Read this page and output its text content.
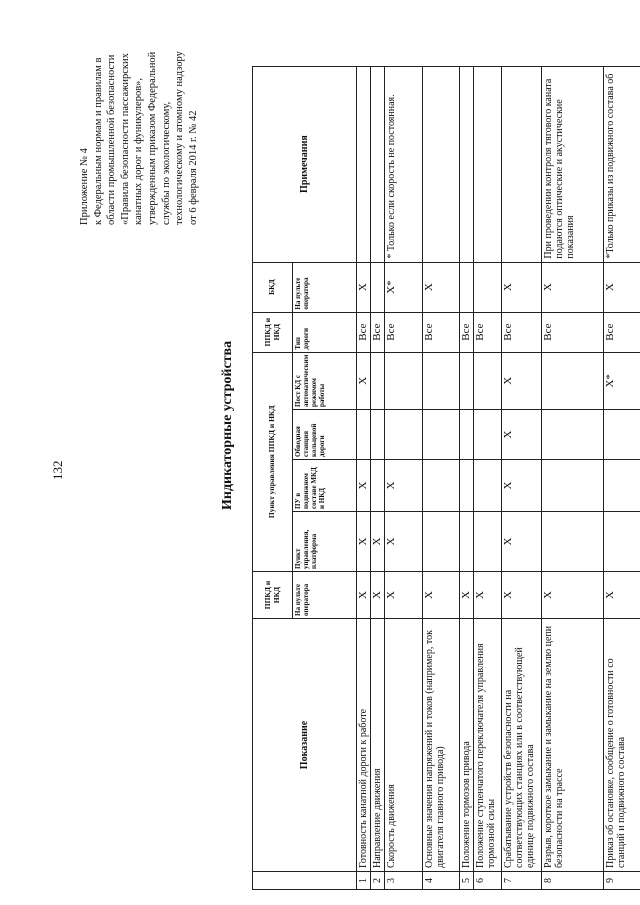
132
Приложение № 4 к Федеральным нормам и правилам в области промышленной безопасности «Правила безопасности пассажирских канатных дорог и фуникулеров», утвержденным приказом Федеральной службы по экологическому, технологическому и атомному надзору от 6 февраля 2014 г. № 42
Индикаторные устройства
	Показание	ППКД и НКД	Пункт управления ППКД и НКД				ППКД и НКД	БКД	Примечания
		На пульте оператора	Пункт управления, платформа	ПУ в подвижном составе МКД и НКД	Обводная станция кольцевой дороги	Пост КД с автоматическим режимом работы	Тип дороги	На пульте оператора	
1	Готовность канатной дороги к работе	X	X	X		X	Все	X	
2	Направление движения	X	X				Все		
3	Скорость движения	X	X	X			Все	X*	* Только если скорость не постоянная.
4	Основные значения напряжений и токов (например, ток двигателя главного привода)	X					Все	X	
5	Положение тормозов привода	X					Все		
6	Положение ступенчатого переключателя управления тормозной силы	X					Все		
7	Срабатывание устройств безопасности на соответствующих станциях или в соответствующей единице подвижного состава	X	X	X	X	X	Все	X	
8	Разрыв, короткое замыкание и замыкание на землю цепи безопасности на трассе	X					Все	X	При проведении контроля тягового каната подаются оптические и акустические показания
9	Приказ об остановке, сообщение о готовности со станций и подвижного состава	X				X*	Все	X	*Только приказы из подвижного состава об
